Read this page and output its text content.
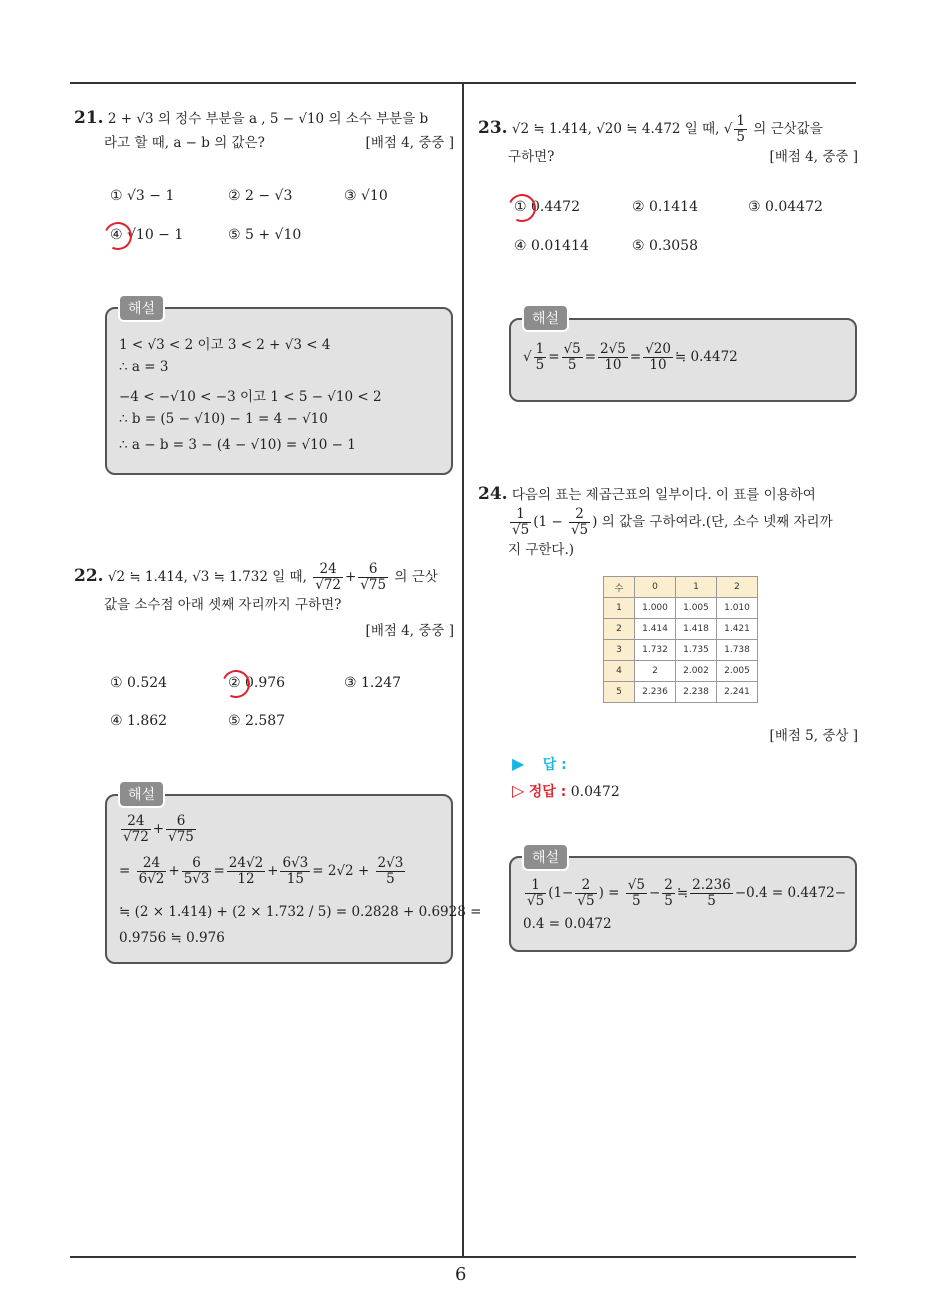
6
21. 2 + √3 의 정수 부분을 a , 5 − √10 의 소수 부분을 b
라고 할 때, a − b 의 값은?	[배점 4, 중중 ]
① √3 − 1	② 2 − √3	③ √10
④ √10 − 1	⑤ 5 + √10
1 < √3 < 2 이고 3 < 2 + √3 < 4
∴ a = 3
−4 < −√10 < −3 이고 1 < 5 − √10 < 2
∴ b = (5 − √10) − 1 = 4 − √10
∴ a − b = 3 − (4 − √10) = √10 − 1
해설
22. √2 ≒ 1.414, √3 ≒ 1.732 일 때, $\frac{24}{√72} + \frac{6}{√75}$ 의 근삿
값을 소수점 아래 셋째 자리까지 구하면?
[배점 4, 중중 ]
① 0.524	② 0.976	③ 1.247
④ 1.862	⑤ 2.587
$\frac{24}{√72} + \frac{6}{√75}$
= $\frac{24}{6√2} + \frac{6}{5√3} = \frac{24√2}{12} + \frac{6√3}{15} = 2√2 + \frac{2√3}{5}$
≒ (2 × 1.414) + (2 × 1.732 / 5) = 0.2828 + 0.6928 =
0.9756 ≒ 0.976
해설
23. √2 ≒ 1.414, √20 ≒ 4.472 일 때, √ $\frac{1}{5}$ 의 근삿값을
구하면?	[배점 4, 중중 ]
① 0.4472	② 0.1414	③ 0.04472
④ 0.01414	⑤ 0.3058
√ $\frac{1}{5} = \frac{√5}{5} = \frac{2√5}{10} = \frac{√20}{10}$ ≒ 0.4472
해설
24. 다음의 표는 제곱근표의 일부이다. 이 표를 이용하여

$\frac{1}{√5} (1 - \frac{2}{√5}$ ) 의 값을 구하여라.(단, 소수 넷째 자리까
지 구한다.)
수	0	1	2
1	1.000	1.005	1.010
2	1.414	1.418	1.421
3	1.732	1.735	1.738
4	2	2.002	2.005
5	2.236	2.238	2.241
[배점 5, 중상 ]
▶ 답 :
▷ 정답 : 0.0472
$\frac{1}{√5} (1- \frac{2}{√5}$ ) = $\frac{√5}{5} - \frac{2}{5}$ ≒ $\frac{2.236}{5} -0.4 = 0.4472-$
0.4 = 0.0472
해설
